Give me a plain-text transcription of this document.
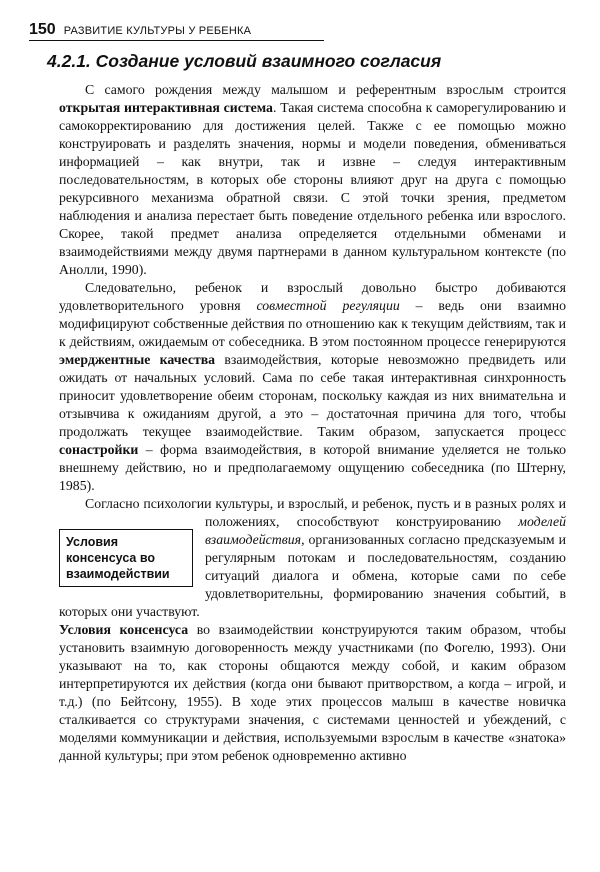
150 РАЗВИТИЕ КУЛЬТУРЫ У РЕБЕНКА
4.2.1. Создание условий взаимного согласия

С самого рождения между малышом и референтным взрослым строится открытая интерактивная система. Такая система способна к саморегулированию и самокорректированию для достижения целей. Также с ее помощью можно конструировать и разделять значения, нормы и модели поведения, обмениваться информацией – как внутри, так и извне – следуя интерактивным последовательностям, в которых обе стороны влияют друг на друга с помощью рекурсивного механизма обратной связи. С этой точки зрения, предметом наблюдения и анализа перестает быть поведение отдельного ребенка или взрослого. Скорее, такой предмет анализа определяется отдельными обменами и взаимодействиями между двумя партнерами в данном культуральном контексте (по Анолли, 1990).

Следовательно, ребенок и взрослый довольно быстро добиваются удовлетворительного уровня совместной регуляции – ведь они взаимно модифицируют собственные действия по отношению как к текущим действиям, так и к действиям, ожидаемым от собеседника. В этом постоянном процессе генерируются эмерджентные качества взаимодействия, которые невозможно предвидеть или ожидать от начальных условий. Сама по себе такая интерактивная синхронность приносит удовлетворение обеим сторонам, поскольку каждая из них внимательна и отзывчива к ожиданиям другой, а это – достаточная причина для того, чтобы продолжать текущее взаимодействие. Таким образом, запускается процесс сонастройки – форма взаимодействия, в которой внимание уделяется не только внешнему действию, но и предполагаемому ощущению собеседника (по Штерну, 1985).

Согласно психологии культуры, и взрослый, и ребенок, пусть и в разных ролях и положениях, способствуют конструированию
Условия консенсуса во взаимодействии
моделей взаимодействия, организованных согласно предсказуемым и регулярным потокам и последовательностям, созданию ситуаций диалога и обмена, которые сами по себе удовлетворительны, формированию значения событий, в которых они участвуют.

Условия консенсуса во взаимодействии конструируются таким образом, чтобы установить взаимную договоренность между участниками (по Фогелю, 1993). Они указывают на то, как стороны общаются между собой, и каким образом интерпретируются их действия (когда они бывают притворством, а когда – игрой, и т.д.) (по Бейтсону, 1955). В ходе этих процессов малыш в качестве новичка сталкивается со структурами значения, с системами ценностей и убеждений, с моделями коммуникации и действия, используемыми взрослым в качестве «знатока» данной культуры; при этом ребенок одновременно активно
